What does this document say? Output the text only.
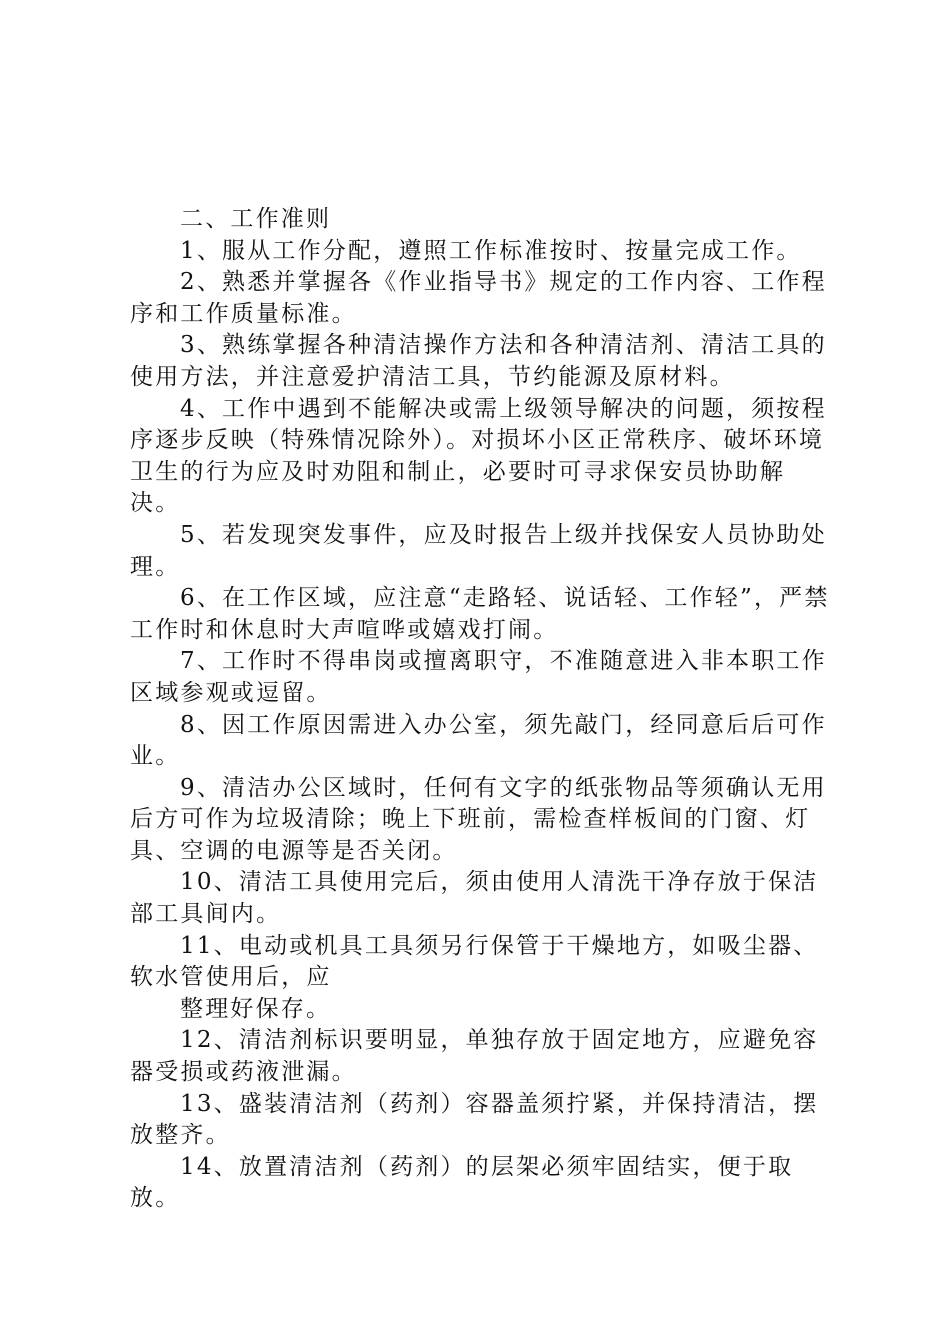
二、工作准则

1、服从工作分配，遵照工作标准按时、按量完成工作。

2、熟悉并掌握各《作业指导书》规定的工作内容、工作程序和工作质量标准。

3、熟练掌握各种清洁操作方法和各种清洁剂、清洁工具的使用方法，并注意爱护清洁工具，节约能源及原材料。

4、工作中遇到不能解决或需上级领导解决的问题，须按程序逐步反映（特殊情况除外）。对损坏小区正常秩序、破坏环境卫生的行为应及时劝阻和制止，必要时可寻求保安员协助解决。

5、若发现突发事件，应及时报告上级并找保安人员协助处理。

6、在工作区域，应注意“走路轻、说话轻、工作轻”，严禁工作时和休息时大声喧哗或嬉戏打闹。

7、工作时不得串岗或擅离职守，不准随意进入非本职工作区域参观或逗留。

8、因工作原因需进入办公室，须先敲门，经同意后后可作业。

9、清洁办公区域时，任何有文字的纸张物品等须确认无用后方可作为垃圾清除；晚上下班前，需检查样板间的门窗、灯具、空调的电源等是否关闭。

10、清洁工具使用完后，须由使用人清洗干净存放于保洁部工具间内。

11、电动或机具工具须另行保管于干燥地方，如吸尘器、软水管使用后，应

整理好保存。

12、清洁剂标识要明显，单独存放于固定地方，应避免容器受损或药液泄漏。

13、盛装清洁剂（药剂）容器盖须拧紧，并保持清洁，摆放整齐。

14、放置清洁剂（药剂）的层架必须牢固结实，便于取放。
